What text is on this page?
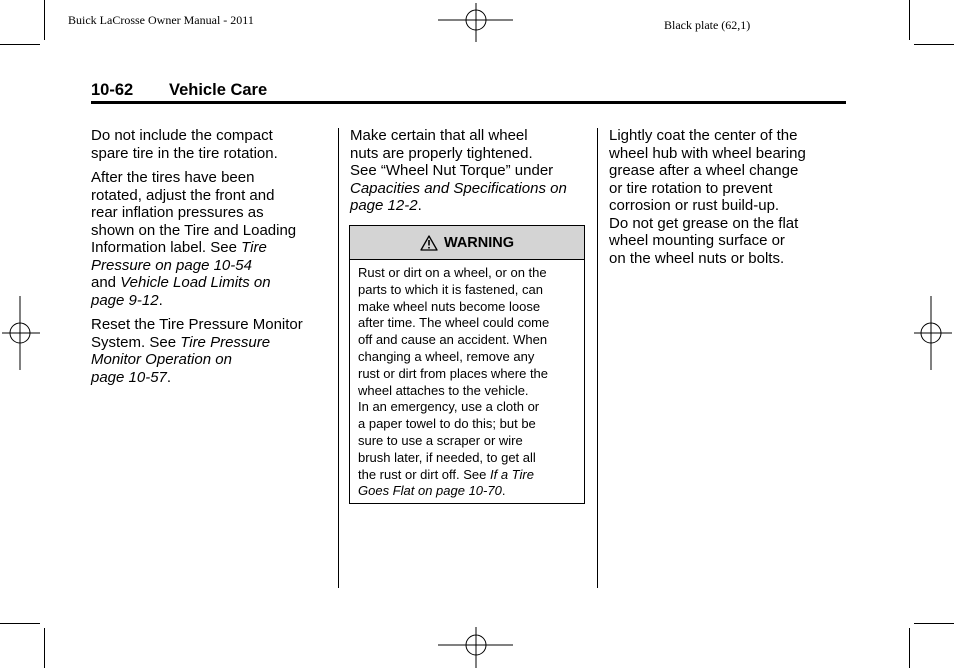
Buick LaCrosse Owner Manual - 2011	Black plate (62,1)
10-62 Vehicle Care

Do not include the compact
spare tire in the tire rotation.

After the tires have been
rotated, adjust the front and
rear inflation pressures as
shown on the Tire and Loading
Information label. See Tire
Pressure on page 10-54
and Vehicle Load Limits on
page 9-12.

Reset the Tire Pressure Monitor
System. See Tire Pressure
Monitor Operation on
page 10-57.

Make certain that all wheel
nuts are properly tightened.
See “Wheel Nut Torque” under
Capacities and Specifications on
page 12-2.

WARNING
Rust or dirt on a wheel, or on the
parts to which it is fastened, can
make wheel nuts become loose
after time. The wheel could come
off and cause an accident. When
changing a wheel, remove any
rust or dirt from places where the
wheel attaches to the vehicle.
In an emergency, use a cloth or
a paper towel to do this; but be
sure to use a scraper or wire
brush later, if needed, to get all
the rust or dirt off. See If a Tire
Goes Flat on page 10-70.

Lightly coat the center of the
wheel hub with wheel bearing
grease after a wheel change
or tire rotation to prevent
corrosion or rust build-up.
Do not get grease on the flat
wheel mounting surface or
on the wheel nuts or bolts.
